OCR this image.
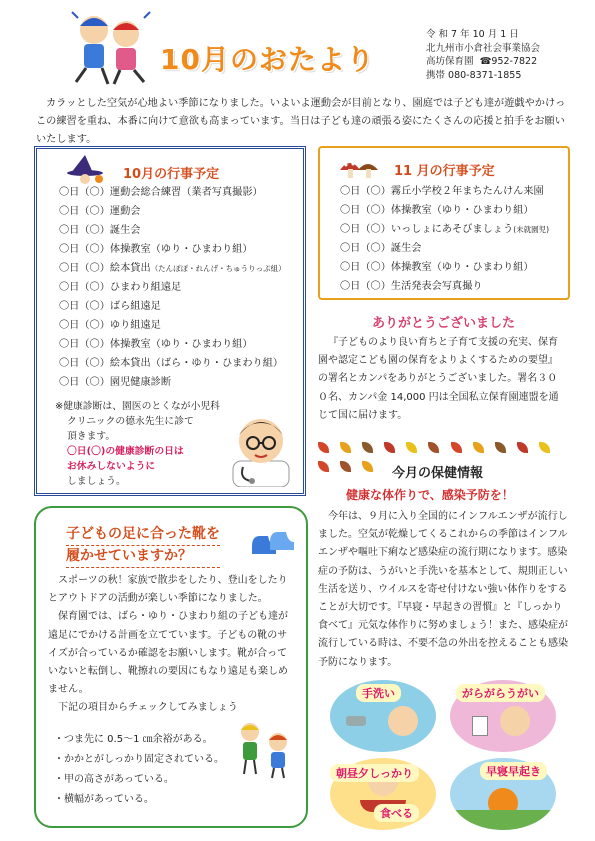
10月のおたより
令 和 7 年 10 月 1 日
北九州市小倉社会事業協会
高坊保育園 ☎952-7822
携帯 080-8371-1855
カラッとした空気が心地よい季節になりました。いよいよ運動会が目前となり、園庭では子ども達が遊戯やかけっこの練習を重ね、本番に向けて意欲も高まっています。当日は子ども達の頑張る姿にたくさんの応援と拍手をお願いいたします。
10月の行事予定
〇日（〇）運動会総合練習（業者写真撮影）
〇日（〇）運動会
〇日（〇）誕生会
〇日（〇）体操教室（ゆり・ひまわり組）
〇日（〇）絵本貸出（たんぽぽ・れんげ・ちゅうりっぷ組）
〇日（〇）ひまわり組遠足
〇日（〇）ばら組遠足
〇日（〇）ゆり組遠足
〇日（〇）体操教室（ゆり・ひまわり組）
〇日（〇）絵本貸出（ばら・ゆり・ひまわり組）
〇日（〇）園児健康診断
※健康診断は、園医のとくなが小児科
クリニックの德永先生に診て
頂きます。
〇日(〇)の健康診断の日は
お休みしないように
しましょう。
11 月の行事予定
〇日（〇）霧丘小学校２年まちたんけん来園
〇日（〇）体操教室（ゆり・ひまわり組）
〇日（〇）いっしょにあそびましょう(未就園児)
〇日（〇）誕生会
〇日（〇）体操教室（ゆり・ひまわり組）
〇日（〇）生活発表会写真撮り
ありがとうございました
『子どものより良い育ちと子育て支援の充実、保育園や認定こども園の保育をよりよくするための要望』の署名とカンパをありがとうございました。署名３００名、カンパ金 14,000 円は全国私立保育園連盟を通じて国に届けます。

今月の保健情報
健康な体作りで、感染予防を！
今年は、９月に入り全国的にインフルエンザが流行しました。空気が乾燥してくるこれからの季節はインフルエンザや嘔吐下痢など感染症の流行期になります。感染症の予防は、うがいと手洗いを基本として、規則正しい生活を送り、ウイルスを寄せ付けない強い体作りをすることが大切です。『早寝・早起きの習慣』と『しっかり食べて』元気な体作りに努めましょう！また、感染症が流行している時は、不要不急の外出を控えることも感染予防になります。
手洗い	がらがらうがい
朝昼夕しっかり
食べる
早寝早起き
子どもの足に合った靴を
履かせていますか？
スポーツの秋！家族で散歩をしたり、登山をしたりとアウトドアの活動が楽しい季節になりました。
保育園では、ばら・ゆり・ひまわり組の子ども達が遠足にでかける計画を立てています。子どもの靴のサイズが合っているか確認をお願いします。靴が合っていないと転倒し、靴擦れの要因にもなり遠足も楽しめません。
下記の項目からチェックしてみましょう
・つま先に 0.5～1 ㎝余裕がある。
・かかとがしっかり固定されている。
・甲の高さがあっている。
・横幅があっている。
